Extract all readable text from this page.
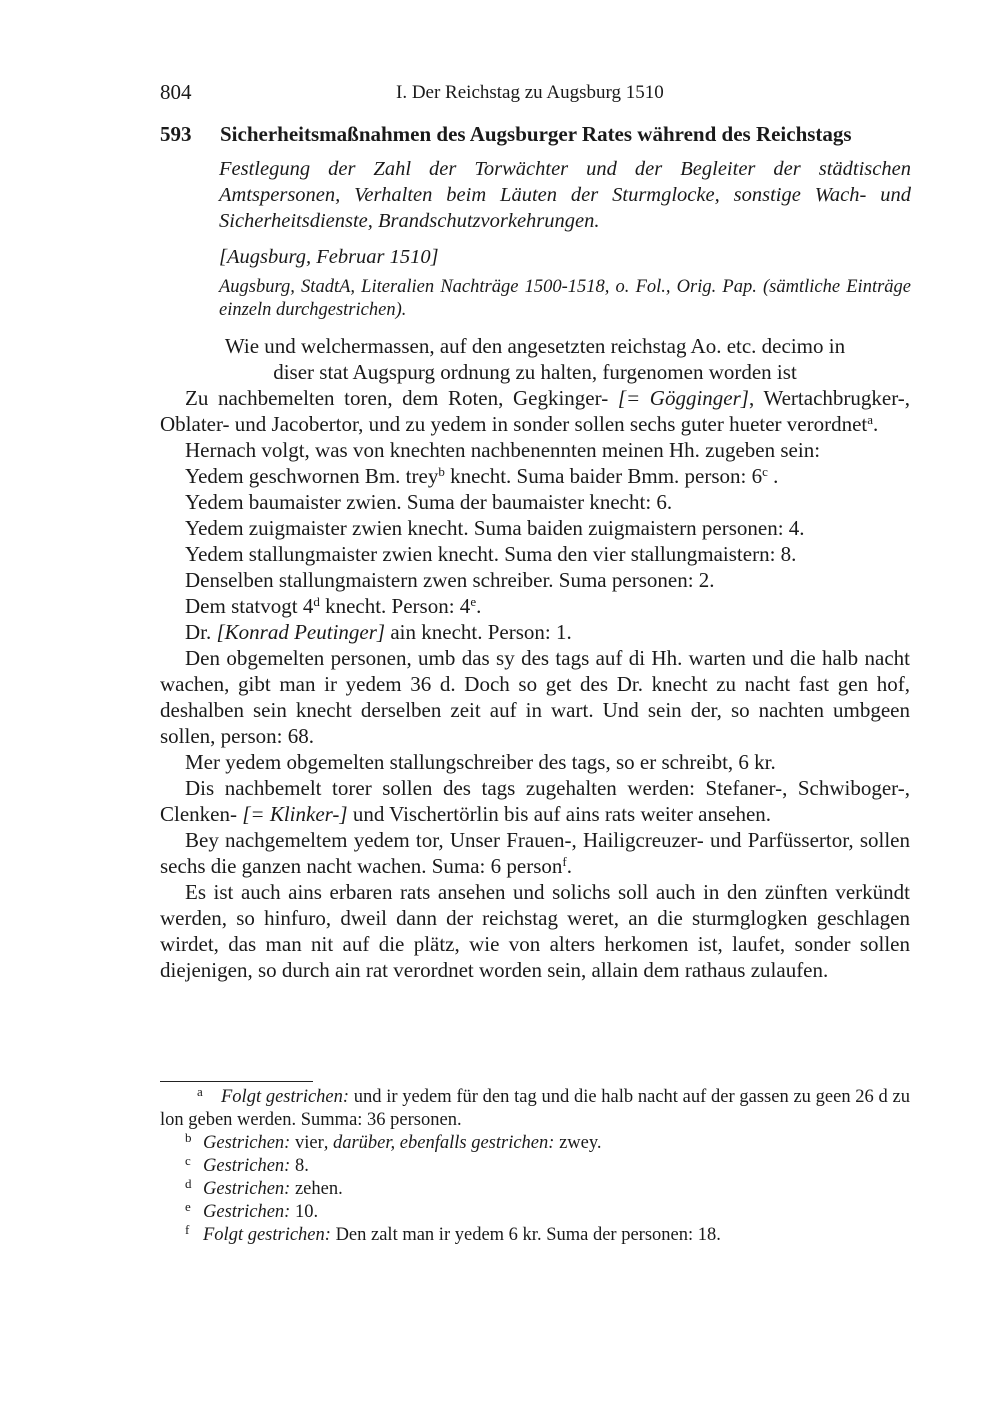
804	I. Der Reichstag zu Augsburg 1510
593 Sicherheitsmaßnahmen des Augsburger Rates während des Reichstags
Festlegung der Zahl der Torwächter und der Begleiter der städtischen Amtspersonen, Verhalten beim Läuten der Sturmglocke, sonstige Wach- und Sicherheitsdienste, Brandschutzvorkehrungen.
[Augsburg, Februar 1510]
Augsburg, StadtA, Literalien Nachträge 1500-1518, o. Fol., Orig. Pap. (sämtliche Einträge einzeln durchgestrichen).
Wie und welchermassen, auf den angesetzten reichstag Ao. etc. decimo in
diser stat Augspurg ordnung zu halten, furgenomen worden ist

Zu nachbemelten toren, dem Roten, Gegkinger- [= Gögginger], Wertachbrugker-, Oblater- und Jacobertor, und zu yedem in sonder sollen sechs guter hueter verordnet$^a$.

Hernach volgt, was von knechten nachbenennten meinen Hh. zugeben sein:

Yedem geschwornen Bm. trey$^b$ knecht. Suma baider Bmm. person: 6$^c$ .

Yedem baumaister zwien. Suma der baumaister knecht: 6.

Yedem zuigmaister zwien knecht. Suma baiden zuigmaistern personen: 4.

Yedem stallungmaister zwien knecht. Suma den vier stallungmaistern: 8.

Denselben stallungmaistern zwen schreiber. Suma personen: 2.

Dem statvogt 4$^d$ knecht. Person: 4e.

Dr. [Konrad Peutinger] ain knecht. Person: 1.

Den obgemelten personen, umb das sy des tags auf di Hh. warten und die halb nacht wachen, gibt man ir yedem 36 d. Doch so get des Dr. knecht zu nacht fast gen hof, deshalben sein knecht derselben zeit auf in wart. Und sein der, so nachten umbgeen sollen, person: 68.

Mer yedem obgemelten stallungschreiber des tags, so er schreibt, 6 kr.

Dis nachbemelt torer sollen des tags zugehalten werden: Stefaner-, Schwiboger-, Clenken- [= Klinker-] und Vischertörlin bis auf ains rats weiter ansehen.

Bey nachgemeltem yedem tor, Unser Frauen-, Hailigcreuzer- und Parfüssertor, sollen sechs die ganzen nacht wachen. Suma: 6 person$^f$.

Es ist auch ains erbaren rats ansehen und solichs soll auch in den zünften verkündt werden, so hinfuro, dweil dann der reichstag weret, an die sturmglogken geschlagen wirdet, das man nit auf die plätz, wie von alters herkomen ist, laufet, sonder sollen diejenigen, so durch ain rat verordnet worden sein, allain dem rathaus zulaufen.

a Folgt gestrichen: und ir yedem für den tag und die halb nacht auf der gassen zu geen 26 d zu lon geben werden. Summa: 36 personen.

b Gestrichen: vier, darüber, ebenfalls gestrichen: zwey.

c Gestrichen: 8.

d Gestrichen: zehen.

e Gestrichen: 10.

f Folgt gestrichen: Den zalt man ir yedem 6 kr. Suma der personen: 18.
